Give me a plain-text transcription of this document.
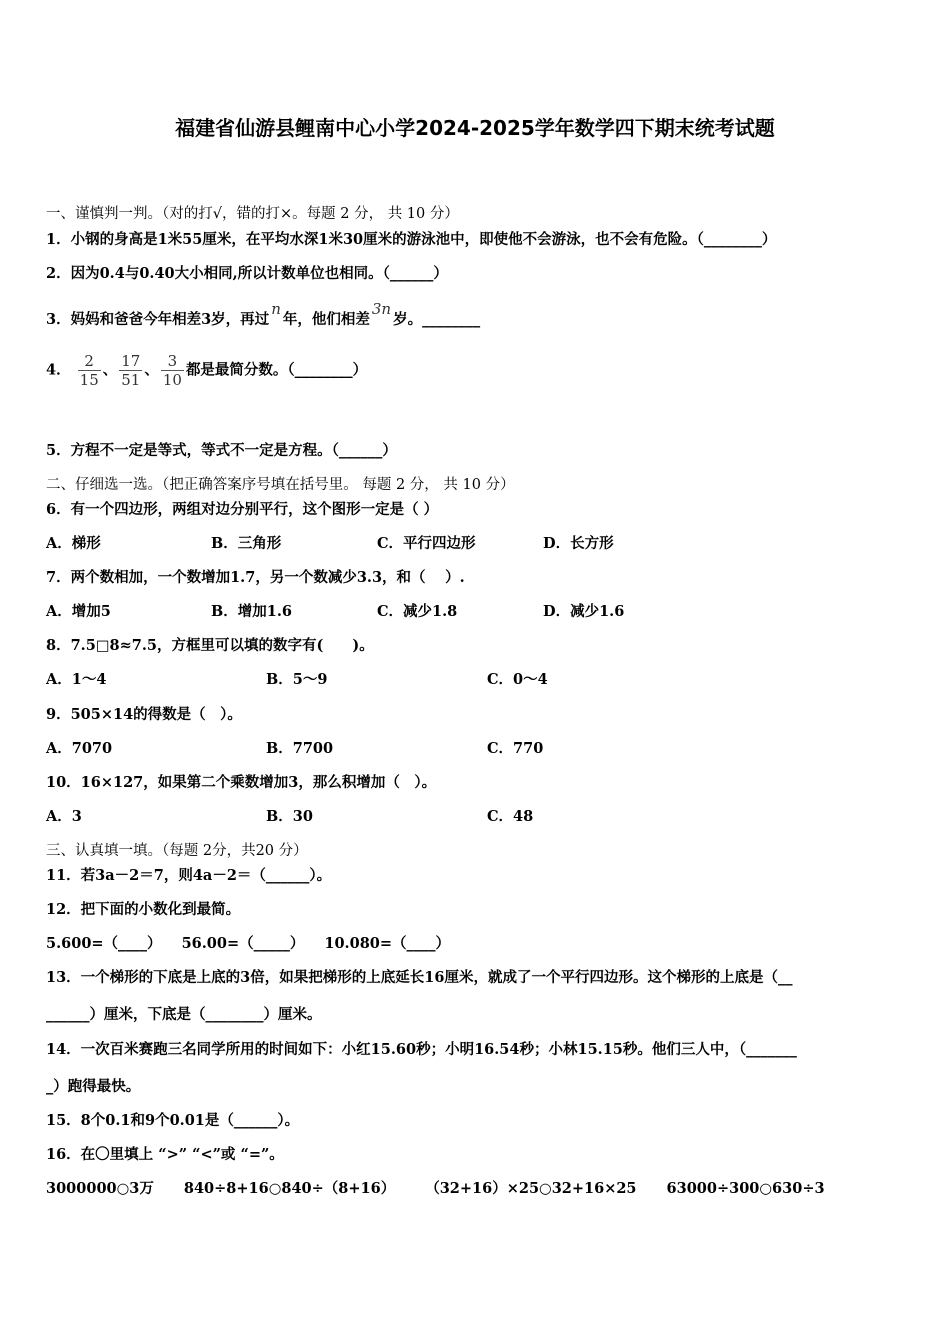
福建省仙游县鲤南中心小学2024-2025学年数学四下期末统考试题
一、谨慎判一判。（对的打√，错的打×。每题 2 分， 共 10 分）
1．小钢的身高是1米55厘米，在平均水深1米30厘米的游泳池中，即使他不会游泳，也不会有危险。（________）
2．因为0.4与0.40大小相同,所以计数单位也相同。（______）
3．妈妈和爸爸今年相差3岁，再过n年，他们相差3n岁。________
4． $\frac{2}{15}$ 、 $\frac{17}{51}$ 、 $\frac{3}{10}$ 都是最简分数。（________）
5．方程不一定是等式，等式不一定是方程。（______）
二、仔细选一选。（把正确答案序号填在括号里。 每题 2 分， 共 10 分）
6．有一个四边形，两组对边分别平行，这个图形一定是（ ）
A．梯形	B．三角形	C．平行四边形	D．长方形
7．两个数相加，一个数增加1.7，另一个数减少3.3，和（　 ）.
A．增加5	B．增加1.6	C．减少1.8	D．减少1.6
8．7.5□8≈7.5，方框里可以填的数字有(　　)。
A．1～4	B．5～9	C．0～4
9．505×14的得数是（　）。
A．7070	B．7700	C．770
10．16×127，如果第二个乘数增加3，那么积增加（　）。
A．3	B．30	C．48
三、认真填一填。（每题 2分，共20 分）
11．若3a－2＝7，则4a－2＝（______）。
12．把下面的小数化到最简。
5.600=（____） 56.00=（_____） 10.080=（____）
13．一个梯形的下底是上底的3倍，如果把梯形的上底延长16厘米，就成了一个平行四边形。这个梯形的上底是（__
______）厘米，下底是（________）厘米。
14．一次百米赛跑三名同学所用的时间如下：小红15.60秒；小明16.54秒；小林15.15秒。他们三人中，（_______
_）跑得最快。
15．8个0.1和9个0.01是（______）。
16．在〇里填上 “>” “<”或 “=”。
3000000○3万 840÷8+16○840÷（8+16） （32+16）×25○32+16×25 63000÷300○630÷3
